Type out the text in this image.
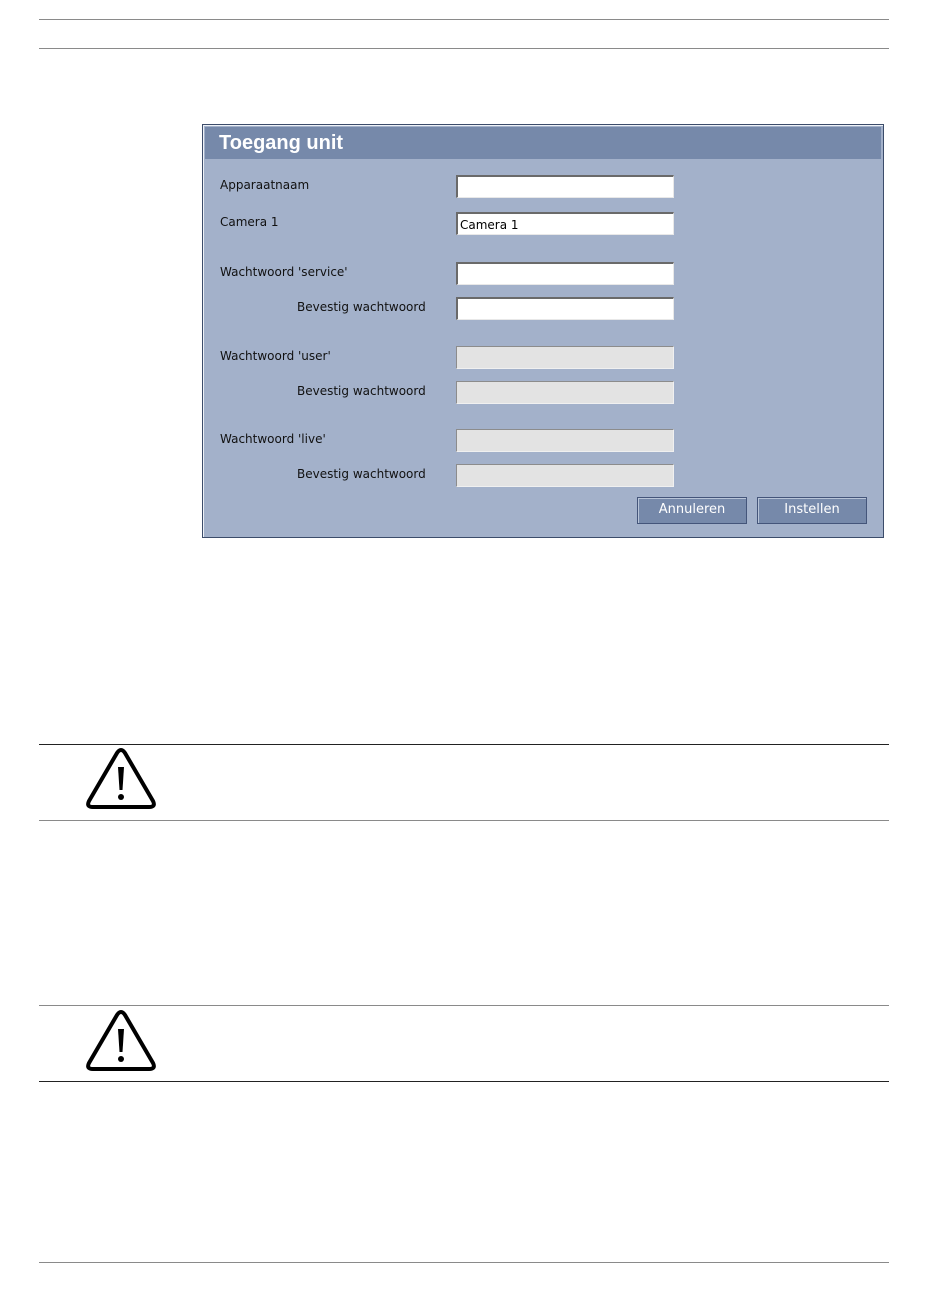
Toegang unit
Apparaatnaam
Camera 1
Camera 1
Wachtwoord 'service'
Bevestig wachtwoord
Wachtwoord 'user'
Bevestig wachtwoord
Wachtwoord 'live'
Bevestig wachtwoord
Annuleren	Instellen
